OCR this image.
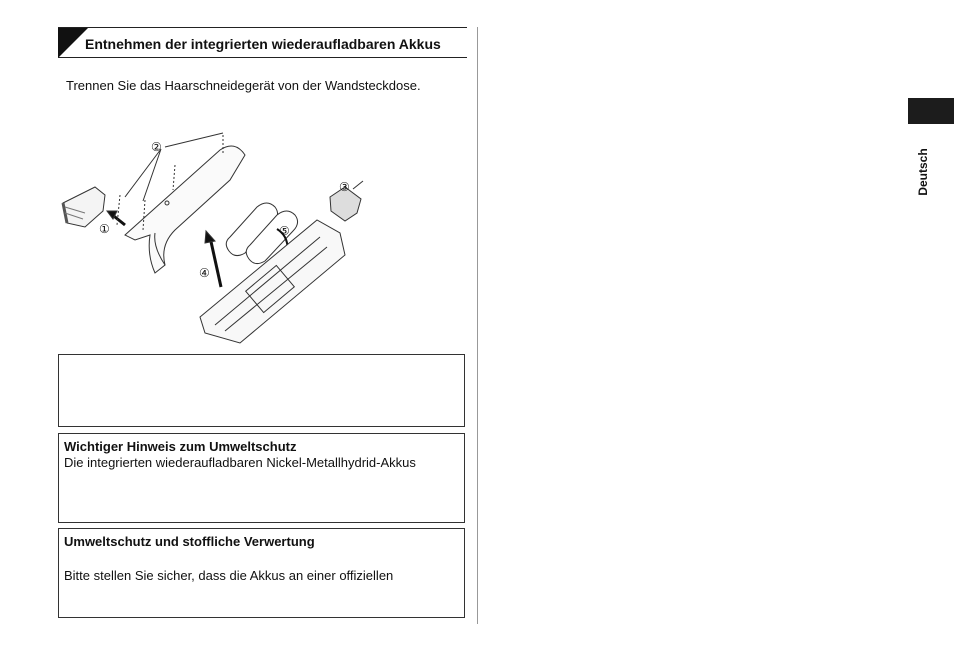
Entnehmen der integrierten wiederaufladbaren Akkus
Trennen Sie das Haarschneidegerät von der Wandsteckdose.
①
②
③
④
⑤
Wichtiger Hinweis zum Umweltschutz
Die integrierten wiederaufladbaren Nickel-Metallhydrid-Akkus
Umweltschutz und stoffliche Verwertung
Bitte stellen Sie sicher, dass die Akkus an einer offiziellen
Deutsch
